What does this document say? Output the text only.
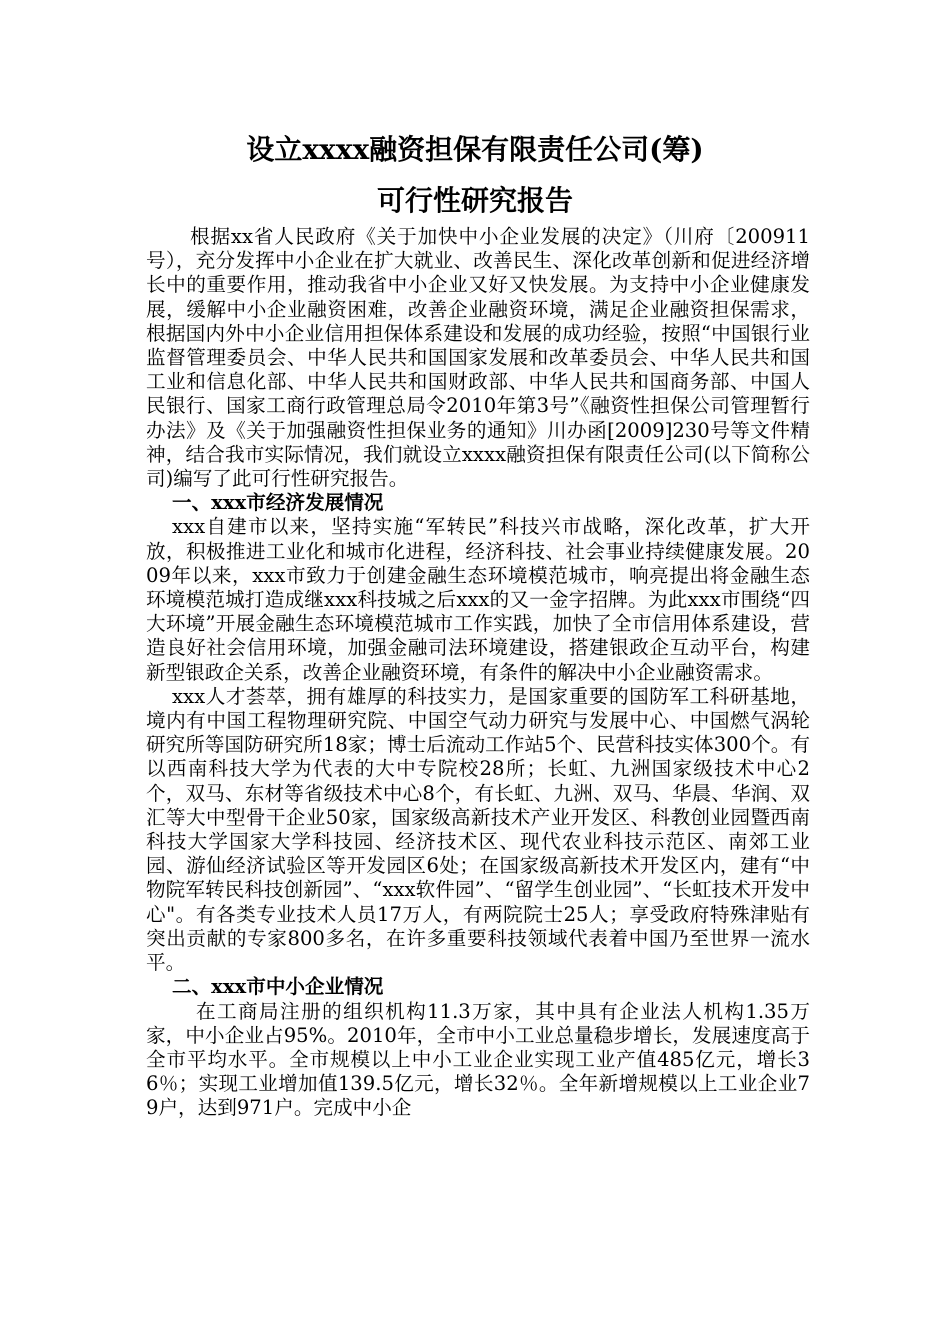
设立xxxx融资担保有限责任公司(筹)
可行性研究报告

根据xx省人民政府《关于加快中小企业发展的决定》（川府〔200911号），充分发挥中小企业在扩大就业、改善民生、深化改革创新和促进经济增长中的重要作用，推动我省中小企业又好又快发展。为支持中小企业健康发展，缓解中小企业融资困难，改善企业融资环境，满足企业融资担保需求，根据国内外中小企业信用担保体系建设和发展的成功经验，按照“中国银行业监督管理委员会、中华人民共和国国家发展和改革委员会、中华人民共和国工业和信息化部、中华人民共和国财政部、中华人民共和国商务部、中国人民银行、国家工商行政管理总局令2010年第3号”《融资性担保公司管理暂行办法》及《关于加强融资性担保业务的通知》川办函[2009]230号等文件精神，结合我市实际情况，我们就设立xxxx融资担保有限责任公司(以下简称公司)编写了此可行性研究报告。

一、xxx市经济发展情况

xxx自建市以来，坚持实施“军转民”科技兴市战略，深化改革，扩大开放，积极推进工业化和城市化进程，经济科技、社会事业持续健康发展。2009年以来，xxx市致力于创建金融生态环境模范城市，响亮提出将金融生态环境模范城打造成继xxx科技城之后xxx的又一金字招牌。为此xxx市围绕“四大环境”开展金融生态环境模范城市工作实践，加快了全市信用体系建设，营造良好社会信用环境，加强金融司法环境建设，搭建银政企互动平台，构建新型银政企关系，改善企业融资环境，有条件的解决中小企业融资需求。

xxx人才荟萃，拥有雄厚的科技实力，是国家重要的国防军工科研基地，境内有中国工程物理研究院、中国空气动力研究与发展中心、中国燃气涡轮研究所等国防研究所18家；博士后流动工作站5个、民营科技实体300个。有以西南科技大学为代表的大中专院校28所；长虹、九洲国家级技术中心2个，双马、东材等省级技术中心8个，有长虹、九洲、双马、华晨、华润、双汇等大中型骨干企业50家，国家级高新技术产业开发区、科教创业园暨西南科技大学国家大学科技园、经济技术区、现代农业科技示范区、南郊工业园、游仙经济试验区等开发园区6处；在国家级高新技术开发区内，建有“中物院军转民科技创新园”、“xxx软件园”、“留学生创业园”、“长虹技术开发中心"。有各类专业技术人员17万人，有两院院士25人；享受政府特殊津贴有突出贡献的专家800多名，在许多重要科技领域代表着中国乃至世界一流水平。

二、xxx市中小企业情况

在工商局注册的组织机构11.3万家，其中具有企业法人机构1.35万家，中小企业占95%。2010年，全市中小工业总量稳步增长，发展速度高于全市平均水平。全市规模以上中小工业企业实现工业产值485亿元，增长36％；实现工业增加值139.5亿元，增长32％。全年新增规模以上工业企业79户，达到971户。完成中小企
